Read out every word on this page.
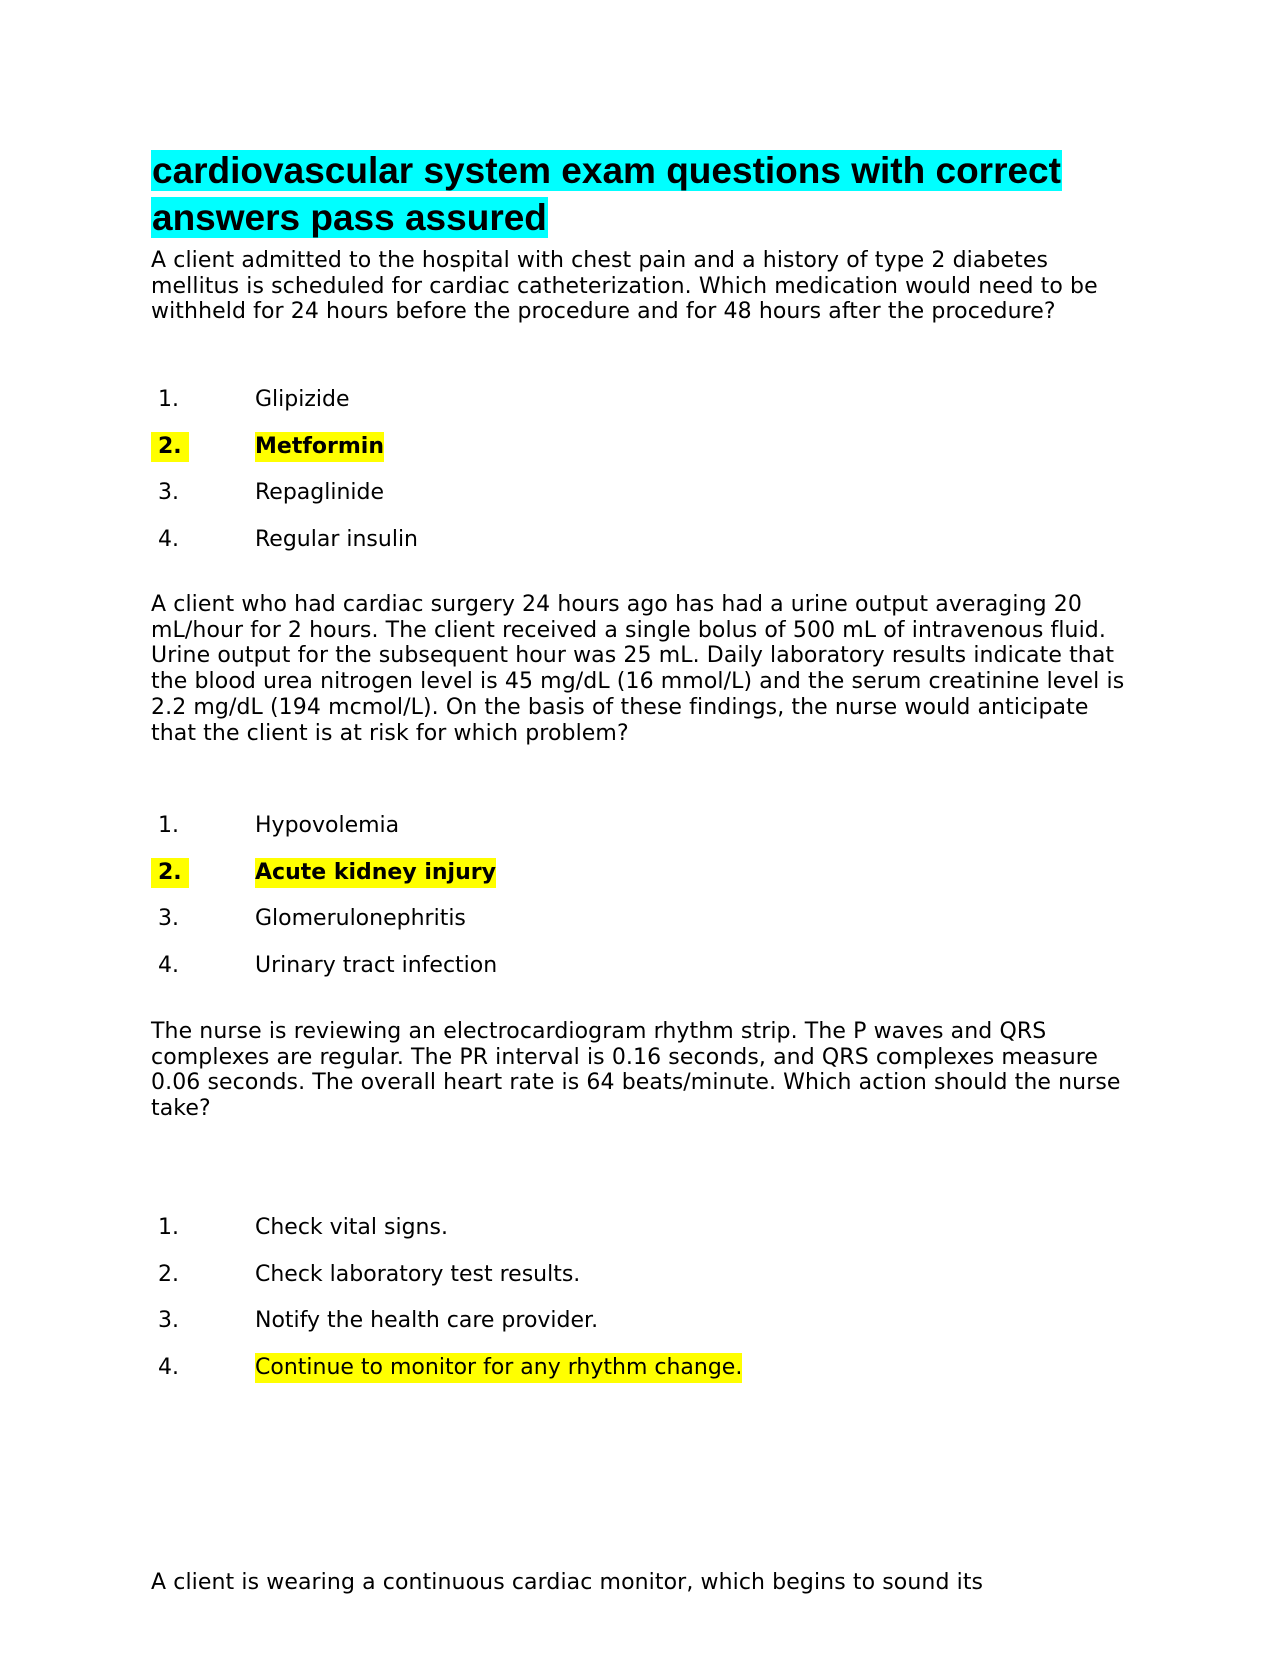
cardiovascular system exam questions with correct
answers pass assured

A client admitted to the hospital with chest pain and a history of type 2 diabetes mellitus is scheduled for cardiac catheterization. Which medication would need to be withheld for 24 hours before the procedure and for 48 hours after the procedure?

1.	Glipizide
2.	Metformin
3.	Repaglinide
4.	Regular insulin
A client who had cardiac surgery 24 hours ago has had a urine output averaging 20 mL/hour for 2 hours. The client received a single bolus of 500 mL of intravenous fluid. Urine output for the subsequent hour was 25 mL. Daily laboratory results indicate that the blood urea nitrogen level is 45 mg/dL (16 mmol/L) and the serum creatinine level is
2.2 mg/dL (194 mcmol/L). On the basis of these findings, the nurse would anticipate that the client is at risk for which problem?
1.	Hypovolemia
2.	Acute kidney injury
3.	Glomerulonephritis
4.	Urinary tract infection
The nurse is reviewing an electrocardiogram rhythm strip. The P waves and QRS complexes are regular. The PR interval is 0.16 seconds, and QRS complexes measure
0.06 seconds. The overall heart rate is 64 beats/minute. Which action should the nurse take?
1.	Check vital signs.
2.	Check laboratory test results.
3.	Notify the health care provider.
4.	Continue to monitor for any rhythm change.

A client is wearing a continuous cardiac monitor, which begins to sound its
